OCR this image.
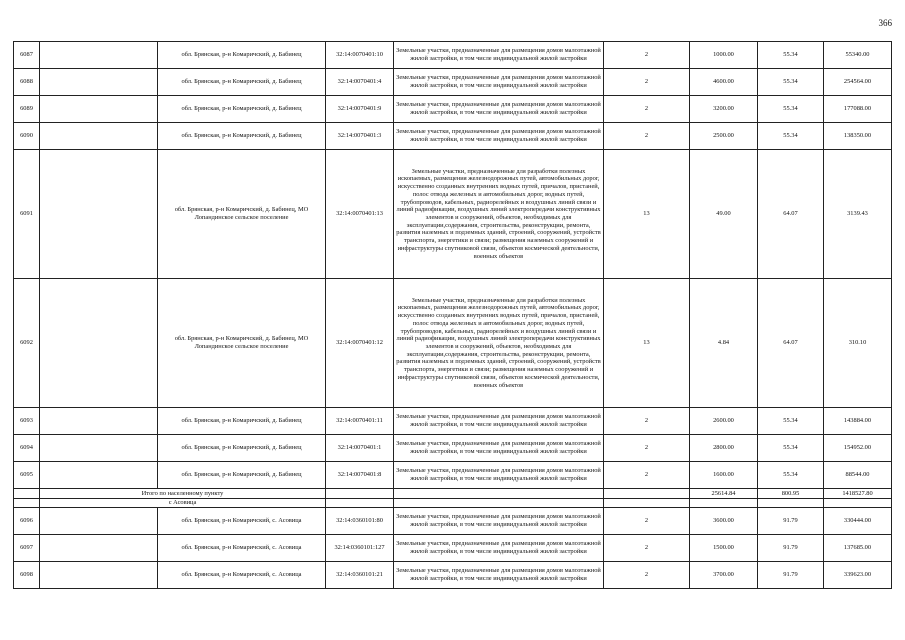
366
6087		обл. Брянская, р-н Комаричский, д. Бабинец	32:14:0070401:10	Земельные участки, предназначенные для размещения домов малоэтажной жилой застройки, в том числе индивидуальной жилой застройки	2	1000.00	55.34	55340.00
6088		обл. Брянская, р-н Комаричский, д. Бабинец	32:14:0070401:4	Земельные участки, предназначенные для размещения домов малоэтажной жилой застройки, в том числе индивидуальной жилой застройки	2	4600.00	55.34	254564.00
6089		обл. Брянская, р-н Комаричский, д. Бабинец	32:14:0070401:9	Земельные участки, предназначенные для размещения домов малоэтажной жилой застройки, в том числе индивидуальной жилой застройки	2	3200.00	55.34	177088.00
6090		обл. Брянская, р-н Комаричский, д. Бабинец	32:14:0070401:3	Земельные участки, предназначенные для размещения домов малоэтажной жилой застройки, в том числе индивидуальной жилой застройки	2	2500.00	55.34	138350.00
6091		обл. Брянская, р-н Комаричский, д. Бабинец, МО Лопандинское сельское поселение	32:14:0070401:13	Земельные участки, предназначенные для разработки полезных ископаемых, размещения железнодорожных путей, автомобильных дорог, искусственно созданных внутренних водных путей, причалов, пристаней, полос отвода железных и автомобильных дорог, водных путей, трубопроводов, кабельных, радиорелейных и воздушных линий связи и линий радиофикации, воздушных линий электропередачи конструктивных элементов и сооружений, объектов, необходимых для эксплуатации,содержания, строительства, реконструкции, ремонта, развития наземных и подземных зданий, строений, сооружений, устройств транспорта, энергетики и связи; размещения наземных сооружений и инфраструктуры спутниковой связи, объектов космической деятельности, военных объектов	13	49.00	64.07	3139.43
6092		обл. Брянская, р-н Комаричский, д. Бабинец, МО Лопандинское сельское поселение	32:14:0070401:12	Земельные участки, предназначенные для разработки полезных ископаемых, размещения железнодорожных путей, автомобильных дорог, искусственно созданных внутренних водных путей, причалов, пристаней, полос отвода железных и автомобильных дорог, водных путей, трубопроводов, кабельных, радиорелейных и воздушных линий связи и линий радиофикации, воздушных линий электропередачи конструктивных элементов и сооружений, объектов, необходимых для эксплуатации,содержания, строительства, реконструкции, ремонта, развития наземных и подземных зданий, строений, сооружений, устройств транспорта, энергетики и связи; размещения наземных сооружений и инфраструктуры спутниковой связи, объектов космической деятельности, военных объектов	13	4.84	64.07	310.10
6093		обл. Брянская, р-н Комаричский, д. Бабинец	32:14:0070401:11	Земельные участки, предназначенные для размещения домов малоэтажной жилой застройки, в том числе индивидуальной жилой застройки	2	2600.00	55.34	143884.00
6094		обл. Брянская, р-н Комаричский, д. Бабинец	32:14:0070401:1	Земельные участки, предназначенные для размещения домов малоэтажной жилой застройки, в том числе индивидуальной жилой застройки	2	2800.00	55.34	154952.00
6095		обл. Брянская, р-н Комаричский, д. Бабинец	32:14:0070401:8	Земельные участки, предназначенные для размещения домов малоэтажной жилой застройки, в том числе индивидуальной жилой застройки	2	1600.00	55.34	88544.00
	Итого по населенному пункту					25614.84	800.95	1418527.80
	с Асовица							
6096		обл. Брянская, р-н Комаричский, с. Асовица	32:14:0360101:80	Земельные участки, предназначенные для размещения домов малоэтажной жилой застройки, в том числе индивидуальной жилой застройки	2	3600.00	91.79	330444.00
6097		обл. Брянская, р-н Комаричский, с. Асовица	32:14:0360101:127	Земельные участки, предназначенные для размещения домов малоэтажной жилой застройки, в том числе индивидуальной жилой застройки	2	1500.00	91.79	137685.00
6098		обл. Брянская, р-н Комаричский, с. Асовица	32:14:0360101:21	Земельные участки, предназначенные для размещения домов малоэтажной жилой застройки, в том числе индивидуальной жилой застройки	2	3700.00	91.79	339623.00
